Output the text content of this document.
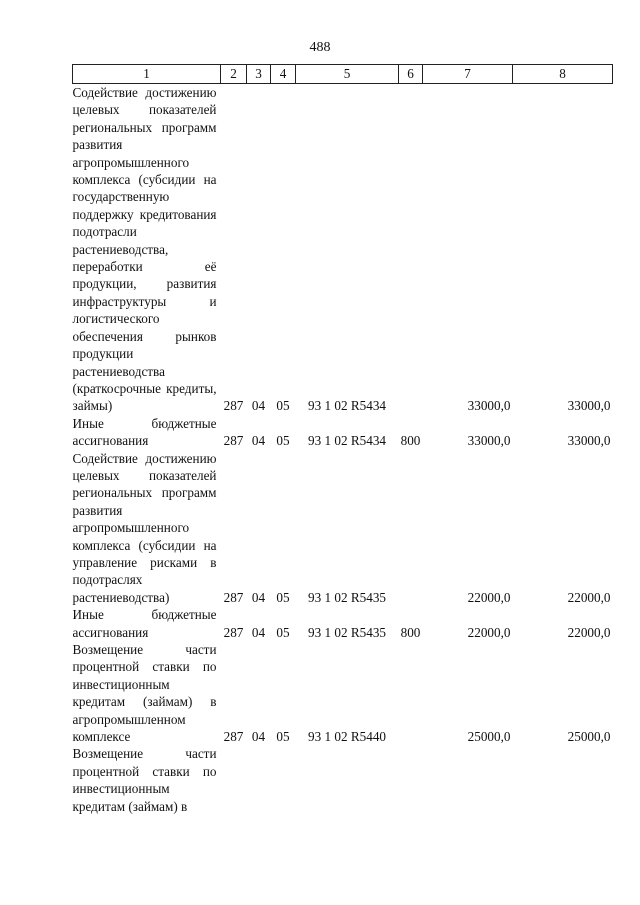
488
1	2	3	4	5	6	7	8
Содействие достижению целевых показателей региональных программ развития агропромышленного комплекса (субсидии на государственную поддержку кредитования подотрасли растениеводства, переработки её продукции, развития инфраструктуры и логистического обеспечения рынков продукции растениеводства (краткосрочные кредиты, займы)	287	04	05	93 1 02 R5434		33000,0	33000,0
Иные бюджетные ассигнования	287	04	05	93 1 02 R5434	800	33000,0	33000,0
Содействие достижению целевых показателей региональных программ развития агропромышленного комплекса (субсидии на управление рисками в подотраслях растениеводства)	287	04	05	93 1 02 R5435		22000,0	22000,0
Иные бюджетные ассигнования	287	04	05	93 1 02 R5435	800	22000,0	22000,0
Возмещение части процентной ставки по инвестиционным кредитам (займам) в агропромышленном комплексе	287	04	05	93 1 02 R5440		25000,0	25000,0
Возмещение части процентной ставки по инвестиционным кредитам (займам) в							
